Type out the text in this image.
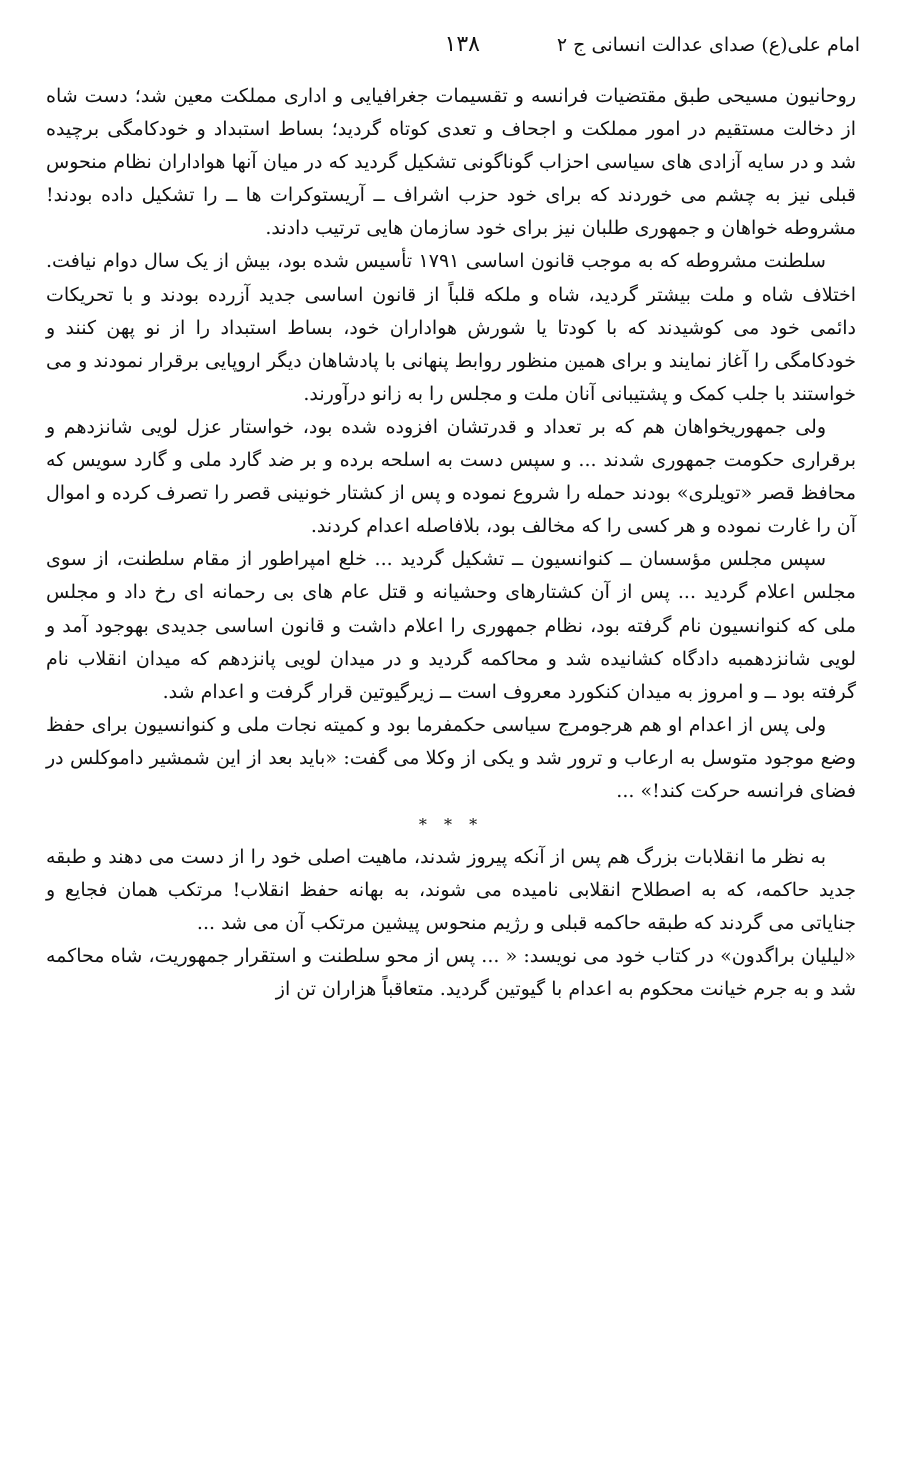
امام علی(ع) صدای عدالت انسانی ج ۲
۱۳۸

روحانیون مسیحی طبق مقتضیات فرانسه و تقسیمات جغرافیایی و اداری مملکت معین شد؛ دست شاه از دخالت مستقیم در امور مملکت و اجحاف و تعدی کوتاه گردید؛ بساط استبداد و خودکامگی برچیده شد و در سایه آزادی های سیاسی احزاب گوناگونی تشکیل گردید که در میان آنها هواداران نظام منحوس قبلی نیز به چشم می خوردند که برای خود حزب اشراف ــ آریستوکرات ها ــ را تشکیل داده بودند! مشروطه خواهان و جمهوری طلبان نیز برای خود سازمان هایی ترتیب دادند.

سلطنت مشروطه که به موجب قانون اساسی ۱۷۹۱ تأسیس شده بود، بیش از یک سال دوام نیافت. اختلاف شاه و ملت بیشتر گردید، شاه و ملکه قلباً از قانون اساسی جدید آزرده بودند و با تحریکات دائمی خود می کوشیدند که با کودتا یا شورش هواداران خود، بساط استبداد را از نو پهن کنند و خودکامگی را آغاز نمایند و برای همین منظور روابط پنهانی با پادشاهان دیگر اروپایی برقرار نمودند و می خواستند با جلب کمک و پشتیبانی آنان ملت و مجلس را به زانو درآورند.

ولی جمهوریخواهان هم که بر تعداد و قدرتشان افزوده شده بود، خواستار عزل لویی شانزدهم و برقراری حکومت جمهوری شدند ... و سپس دست به اسلحه برده و بر ضد گارد ملی و گارد سویس که محافظ قصر «تویلری» بودند حمله را شروع نموده و پس از کشتار خونینی قصر را تصرف کرده و اموال آن را غارت نموده و هر کسی را که مخالف بود، بلافاصله اعدام کردند.

سپس مجلس مؤسسان ــ کنوانسیون ــ تشکیل گردید ... خلع امپراطور از مقام سلطنت، از سوی مجلس اعلام گردید ... پس از آن کشتارهای وحشیانه و قتل عام های بی رحمانه ای رخ داد و مجلس ملی که کنوانسیون نام گرفته بود، نظام جمهوری را اعلام داشت و قانون اساسی جدیدی بهوجود آمد و لویی شانزدهمبه دادگاه کشانیده شد و محاکمه گردید و در میدان لویی پانزدهم که میدان انقلاب نام گرفته بود ــ و امروز به میدان کنکورد معروف است ــ زیرگیوتین قرار گرفت و اعدام شد.

ولی پس از اعدام او هم هرجومرج سیاسی حکمفرما بود و کمیته نجات ملی و کنوانسیون برای حفظ وضع موجود متوسل به ارعاب و ترور شد و یکی از وکلا می گفت: «باید بعد از این شمشیر داموکلس در فضای فرانسه حرکت کند!» ...

* * *

به نظر ما انقلابات بزرگ هم پس از آنکه پیروز شدند، ماهیت اصلی خود را از دست می دهند و طبقه جدید حاکمه، که به اصطلاح انقلابی نامیده می شوند، به بهانه حفظ انقلاب! مرتکب همان فجایع و جنایاتی می گردند که طبقه حاکمه قبلی و رژیم منحوس پیشین مرتکب آن می شد ...

«لیلیان براگدون» در کتاب خود می نویسد: « ... پس از محو سلطنت و استقرار جمهوریت، شاه محاکمه شد و به جرم خیانت محکوم به اعدام با گیوتین گردید. متعاقباً هزاران تن از
